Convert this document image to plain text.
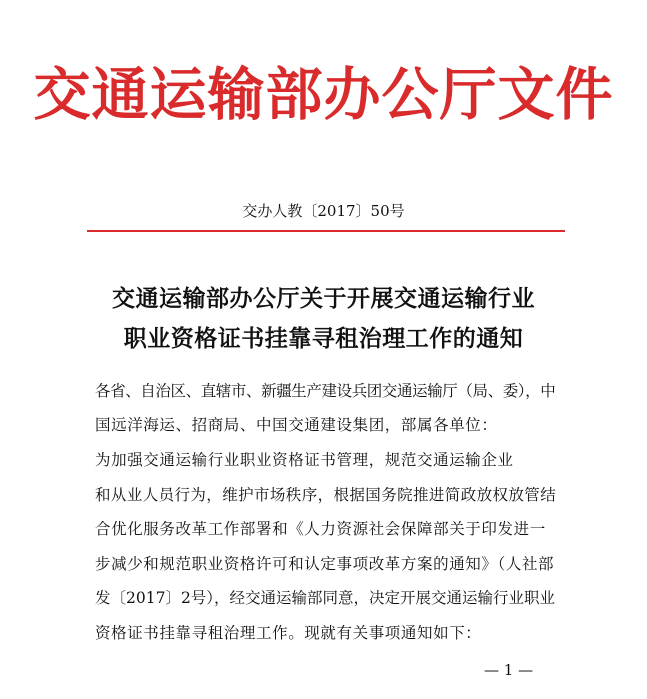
交通运输部办公厅文件
交办人教〔2017〕50号
交通运输部办公厅关于开展交通运输行业
职业资格证书挂靠寻租治理工作的通知
各省、自治区、直辖市、新疆生产建设兵团交通运输厅（局、委），中
国远洋海运、招商局、中国交通建设集团，部属各单位：
为加强交通运输行业职业资格证书管理，规范交通运输企业
和从业人员行为，维护市场秩序，根据国务院推进简政放权放管结
合优化服务改革工作部署和《人力资源社会保障部关于印发进一
步减少和规范职业资格许可和认定事项改革方案的通知》（人社部
发〔2017〕2号），经交通运输部同意，决定开展交通运输行业职业
资格证书挂靠寻租治理工作。现就有关事项通知如下：
— 1 —
